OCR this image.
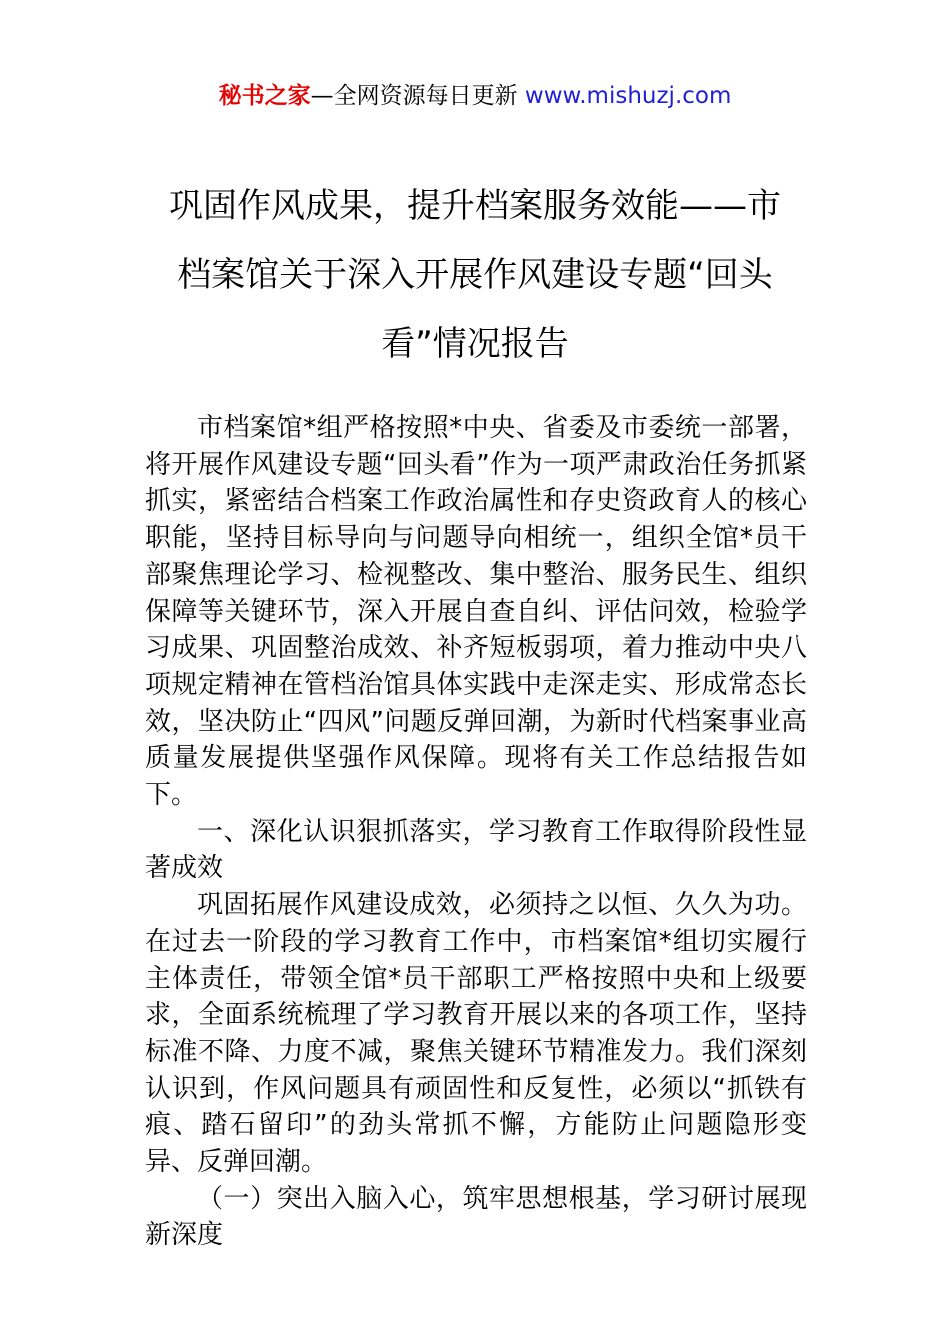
秘书之家—全网资源每日更新 www.mishuzj.com
巩固作风成果，提升档案服务效能——市
档案馆关于深入开展作风建设专题“回头
看”情况报告

市档案馆*组严格按照*中央、省委及市委统一部署，将开展作风建设专题“回头看”作为一项严肃政治任务抓紧抓实，紧密结合档案工作政治属性和存史资政育人的核心职能，坚持目标导向与问题导向相统一，组织全馆*员干部聚焦理论学习、检视整改、集中整治、服务民生、组织保障等关键环节，深入开展自查自纠、评估问效，检验学习成果、巩固整治成效、补齐短板弱项，着力推动中央八项规定精神在管档治馆具体实践中走深走实、形成常态长效，坚决防止“四风”问题反弹回潮，为新时代档案事业高质量发展提供坚强作风保障。现将有关工作总结报告如下。

一、深化认识狠抓落实，学习教育工作取得阶段性显著成效

巩固拓展作风建设成效，必须持之以恒、久久为功。在过去一阶段的学习教育工作中，市档案馆*组切实履行主体责任，带领全馆*员干部职工严格按照中央和上级要求，全面系统梳理了学习教育开展以来的各项工作，坚持标准不降、力度不减，聚焦关键环节精准发力。我们深刻认识到，作风问题具有顽固性和反复性，必须以“抓铁有痕、踏石留印”的劲头常抓不懈，方能防止问题隐形变异、反弹回潮。

（一）突出入脑入心，筑牢思想根基，学习研讨展现新深度
